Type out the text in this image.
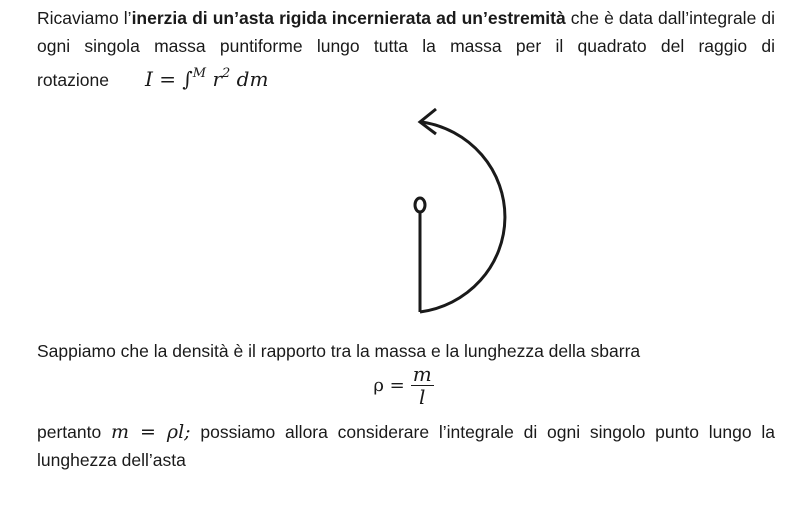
Ricaviamo l’inerzia di un’asta rigida incernierata ad un’estremità che è data dall’integrale di ogni singola massa puntiforme lungo tutta la massa per il quadrato del raggio di rotazione I = ∫$^M$ $r^2$ dm

Sappiamo che la densità è il rapporto tra la massa e la lunghezza della sbarra

$\rho = \frac{m}{l}$

pertanto m = ρl; possiamo allora considerare l’integrale di ogni singolo punto lungo la lunghezza dell’asta
